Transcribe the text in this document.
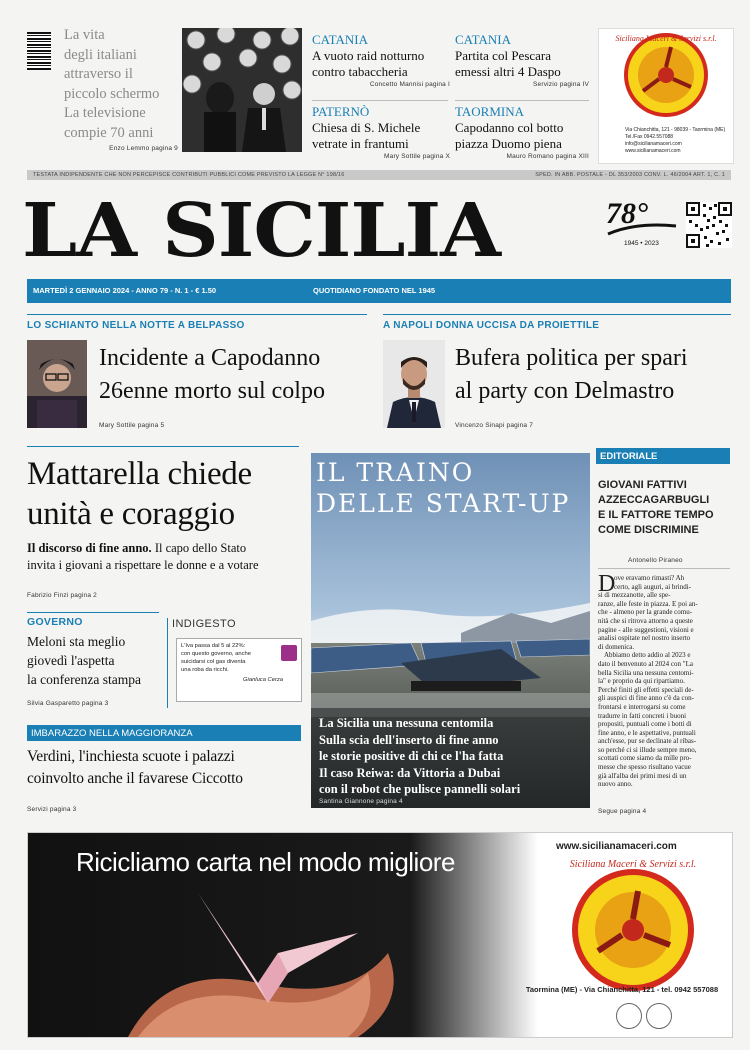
La vita
degli italiani
attraverso il
piccolo schermo
La televisione
compie 70 anni
Enzo Lemmo pagina 9
CATANIA
A vuoto raid notturno
contro tabaccheria
Concetto Mannisi pagina I
CATANIA
Partita col Pescara
emessi altri 4 Daspo
Servizio pagina IV
PATERNÒ
Chiesa di S. Michele
vetrate in frantumi
Mary Sottile pagina X
TAORMINA
Capodanno col botto
piazza Duomo piena
Mauro Romano pagina XIII
Siciliana Maceri & Servizi s.r.l.
Via Chianchitta, 121 - 98039 - Taormina (ME)
Tel./Fax 0942.557088
info@sicilianamaceri.com
www.sicilianamaceri.com
TESTATA INDIPENDENTE CHE NON PERCEPISCE CONTRIBUTI PUBBLICI COME PREVISTO LA LEGGE N° 198/16	SPED. IN ABB. POSTALE - DL 353/2003 CONV. L. 46/2004 ART. 1, C. 1
LA SICILIA	78°
1945 • 2023
MARTEDÌ 2 GENNAIO 2024 - ANNO 79 - N. 1 - € 1.50	QUOTIDIANO FONDATO NEL 1945
LO SCHIANTO NELLA NOTTE A BELPASSO
Incidente a Capodanno
26enne morto sul colpo
Mary Sottile pagina 5
A NAPOLI DONNA UCCISA DA PROIETTILE
Bufera politica per spari
al party con Delmastro
Vincenzo Sinapi pagina 7
Mattarella chiede
unità e coraggio
Il discorso di fine anno. Il capo dello Stato
invita i giovani a rispettare le donne e a votare
Fabrizio Finzi pagina 2
GOVERNO
Meloni sta meglio
giovedì l'aspetta
la conferenza stampa
Silvia Gasparetto pagina 3
INDIGESTO
L'Iva passa dal 5 al 22%:
con questo governo, anche
suicidarsi col gas diventa
una roba da ricchi.
Gianluca Cerza
IMBARAZZO NELLA MAGGIORANZA
Verdini, l'inchiesta scuote i palazzi
coinvolto anche il favarese Ciccotto
Servizi pagina 3
IL TRAINO
DELLE START-UP
La Sicilia una nessuna centomila
Sulla scia dell'inserto di fine anno
le storie positive di chi ce l'ha fatta
Il caso Reiwa: da Vittoria a Dubai
con il robot che pulisce pannelli solari
Santina Giannone pagina 4
EDITORIALE
GIOVANI FATTIVI
AZZECCAGARBUGLI
E IL FATTORE TEMPO
COME DISCRIMINE
Antonello Piraneo
D
ove eravamo rimasti? Ah
certo, agli auguri, ai brindi-
si di mezzanotte, alle spe-
ranze, alle feste in piazza. E poi an-
che - almeno per la grande comu-
nità che si ritrova attorno a queste
pagine - alle suggestioni, visioni e
analisi ospitate nel nostro inserto
di domenica.
Abbiamo detto addio al 2023 e
dato il benvenuto al 2024 con "La
bella Sicilia una nessuna centomi-
la" e proprio da qui ripartiamo.
Perché finiti gli effetti speciali de-
gli auspici di fine anno c'è da con-
frontarsi e interrogarsi su come
tradurre in fatti concreti i buoni
propositi, puntuali come i botti di
fine anno, e le aspettative, puntuali
anch'esse, pur se declinate al ribas-
so perché ci si illude sempre meno,
scottati come siamo da mille pro-
messe che spesso risultano vacue
già all'alba dei primi mesi di un
nuovo anno.
Segue pagina 4
Ricicliamo carta nel modo migliore
www.sicilianamaceri.com
Siciliana Maceri & Servizi s.r.l.
Taormina (ME) - Via Chianchitta, 121 - tel. 0942 557088
